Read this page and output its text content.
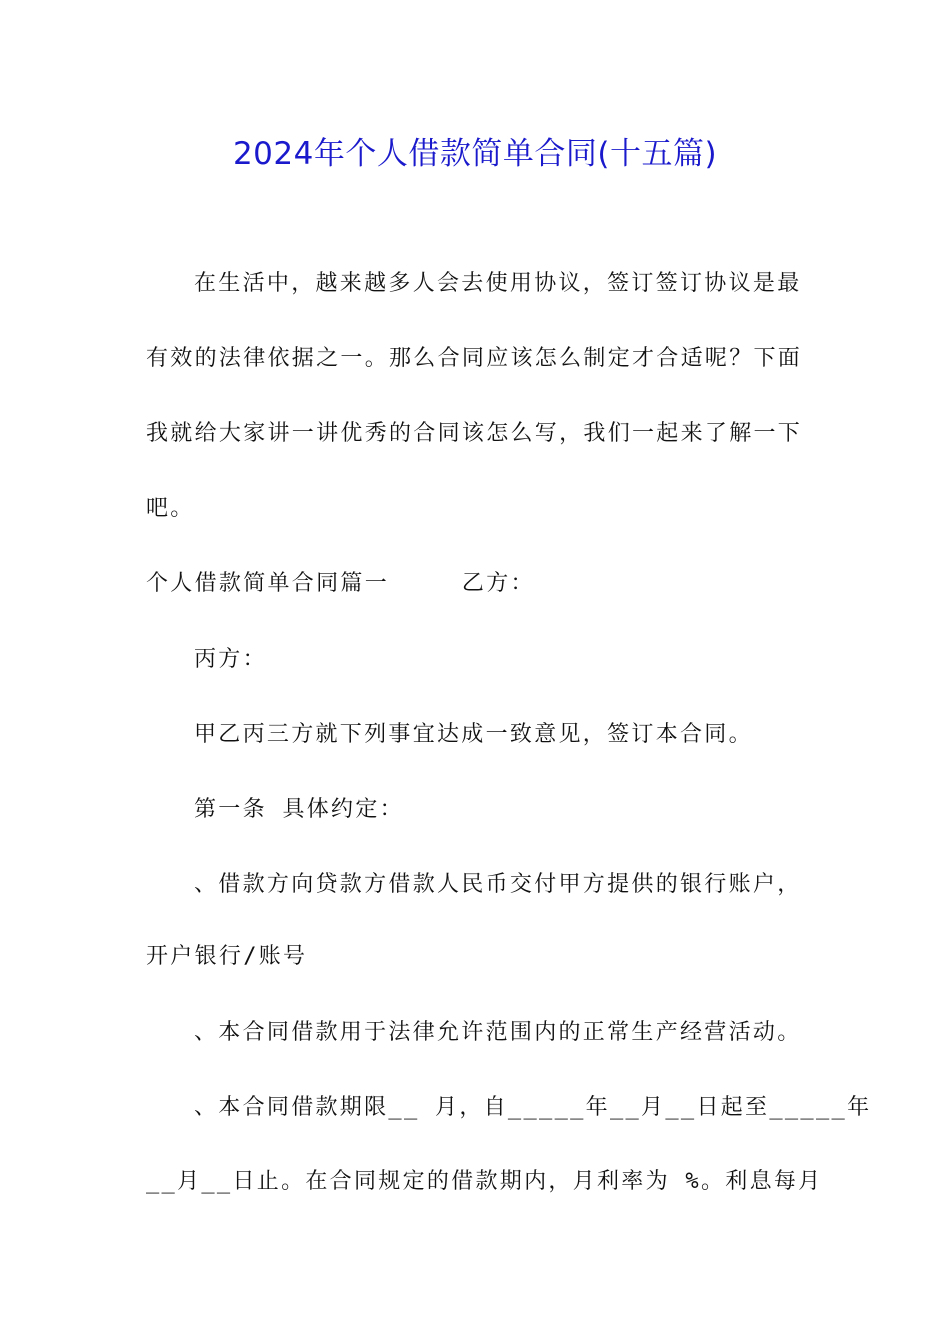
2024年个人借款简单合同(十五篇)
在生活中，越来越多人会去使用协议，签订签订协议是最
有效的法律依据之一。那么合同应该怎么制定才合适呢？下面
我就给大家讲一讲优秀的合同该怎么写，我们一起来了解一下
吧。
个人借款简单合同篇一　　　乙方：
丙方：
甲乙丙三方就下列事宜达成一致意见，签订本合同。
第一条 具体约定：
、借款方向贷款方借款人民币交付甲方提供的银行账户，
开户银行/账号
、本合同借款用于法律允许范围内的正常生产经营活动。
、本合同借款期限__ 月，自_____年__月__日起至_____年
__月__日止。在合同规定的借款期内，月利率为 %。利息每月
